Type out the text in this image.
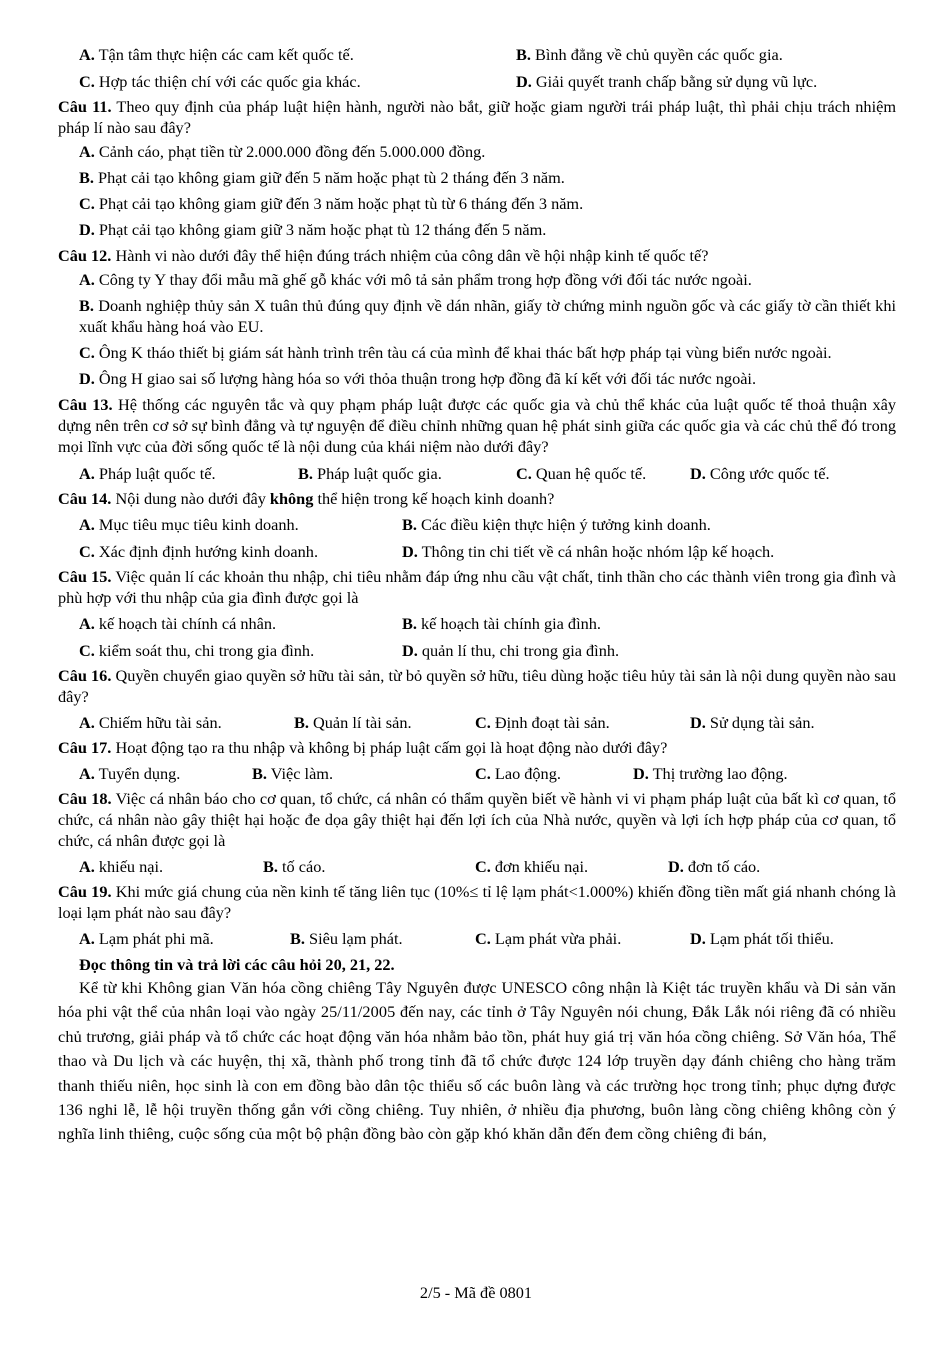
A. Tận tâm thực hiện các cam kết quốc tế.	B. Bình đẳng về chủ quyền các quốc gia.
C. Hợp tác thiện chí với các quốc gia khác.	D. Giải quyết tranh chấp bằng sử dụng vũ lực.
Câu 11. Theo quy định của pháp luật hiện hành, người nào bắt, giữ hoặc giam người trái pháp luật, thì phải chịu trách nhiệm pháp lí nào sau đây?
A. Cảnh cáo, phạt tiền từ 2.000.000 đồng đến 5.000.000 đồng.
B. Phạt cải tạo không giam giữ đến 5 năm hoặc phạt tù 2 tháng đến 3 năm.
C. Phạt cải tạo không giam giữ đến 3 năm hoặc phạt tù từ 6 tháng đến 3 năm.
D. Phạt cải tạo không giam giữ 3 năm hoặc phạt tù 12 tháng đến 5 năm.
Câu 12. Hành vi nào dưới đây thể hiện đúng trách nhiệm của công dân về hội nhập kinh tế quốc tế?
A. Công ty Y thay đổi mẫu mã ghế gỗ khác với mô tả sản phẩm trong hợp đồng với đối tác nước ngoài.
B. Doanh nghiệp thủy sản X tuân thủ đúng quy định về dán nhãn, giấy tờ chứng minh nguồn gốc và các giấy tờ cần thiết khi xuất khẩu hàng hoá vào EU.
C. Ông K tháo thiết bị giám sát hành trình trên tàu cá của mình để khai thác bất hợp pháp tại vùng biển nước ngoài.
D. Ông H giao sai số lượng hàng hóa so với thỏa thuận trong hợp đồng đã kí kết với đối tác nước ngoài.
Câu 13. Hệ thống các nguyên tắc và quy phạm pháp luật được các quốc gia và chủ thể khác của luật quốc tế thoả thuận xây dựng nên trên cơ sở sự bình đẳng và tự nguyện để điều chỉnh những quan hệ phát sinh giữa các quốc gia và các chủ thể đó trong mọi lĩnh vực của đời sống quốc tế là nội dung của khái niệm nào dưới đây?
A. Pháp luật quốc tế.	B. Pháp luật quốc gia.	C. Quan hệ quốc tế.	D. Công ước quốc tế.
Câu 14. Nội dung nào dưới đây không thể hiện trong kế hoạch kinh doanh?
A. Mục tiêu mục tiêu kinh doanh.	B. Các điều kiện thực hiện ý tưởng kinh doanh.
C. Xác định định hướng kinh doanh.	D. Thông tin chi tiết về cá nhân hoặc nhóm lập kế hoạch.
Câu 15. Việc quản lí các khoản thu nhập, chi tiêu nhằm đáp ứng nhu cầu vật chất, tinh thần cho các thành viên trong gia đình và phù hợp với thu nhập của gia đình được gọi là
A. kế hoạch tài chính cá nhân.	B. kế hoạch tài chính gia đình.
C. kiểm soát thu, chi trong gia đình.	D. quản lí thu, chi trong gia đình.
Câu 16. Quyền chuyển giao quyền sở hữu tài sản, từ bỏ quyền sở hữu, tiêu dùng hoặc tiêu hủy tài sản là nội dung quyền nào sau đây?
A. Chiếm hữu tài sản.	B. Quản lí tài sản.	C. Định đoạt tài sản.	D. Sử dụng tài sản.
Câu 17. Hoạt động tạo ra thu nhập và không bị pháp luật cấm gọi là hoạt động nào dưới đây?
A. Tuyển dụng.	B. Việc làm.	C. Lao động.	D. Thị trường lao động.
Câu 18. Việc cá nhân báo cho cơ quan, tổ chức, cá nhân có thẩm quyền biết về hành vi vi phạm pháp luật của bất kì cơ quan, tổ chức, cá nhân nào gây thiệt hại hoặc đe dọa gây thiệt hại đến lợi ích của Nhà nước, quyền và lợi ích hợp pháp của cơ quan, tổ chức, cá nhân được gọi là
A. khiếu nại.	B. tố cáo.	C. đơn khiếu nại.	D. đơn tố cáo.
Câu 19. Khi mức giá chung của nền kinh tế tăng liên tục (10%≤ tỉ lệ lạm phát<1.000%) khiến đồng tiền mất giá nhanh chóng là loại lạm phát nào sau đây?
A. Lạm phát phi mã.	B. Siêu lạm phát.	C. Lạm phát vừa phải.	D. Lạm phát tối thiểu.
Đọc thông tin và trả lời các câu hỏi 20, 21, 22.
Kể từ khi Không gian Văn hóa cồng chiêng Tây Nguyên được UNESCO công nhận là Kiệt tác truyền khẩu và Di sản văn hóa phi vật thể của nhân loại vào ngày 25/11/2005 đến nay, các tỉnh ở Tây Nguyên nói chung, Đắk Lắk nói riêng đã có nhiều chủ trương, giải pháp và tổ chức các hoạt động văn hóa nhằm bảo tồn, phát huy giá trị văn hóa cồng chiêng. Sở Văn hóa, Thể thao và Du lịch và các huyện, thị xã, thành phố trong tỉnh đã tổ chức được 124 lớp truyền dạy đánh chiêng cho hàng trăm thanh thiếu niên, học sinh là con em đồng bào dân tộc thiểu số các buôn làng và các trường học trong tỉnh; phục dựng được 136 nghi lễ, lễ hội truyền thống gắn với cồng chiêng. Tuy nhiên, ở nhiều địa phương, buôn làng cồng chiêng không còn ý nghĩa linh thiêng, cuộc sống của một bộ phận đồng bào còn gặp khó khăn dẫn đến đem cồng chiêng đi bán,
2/5 - Mã đề 0801
